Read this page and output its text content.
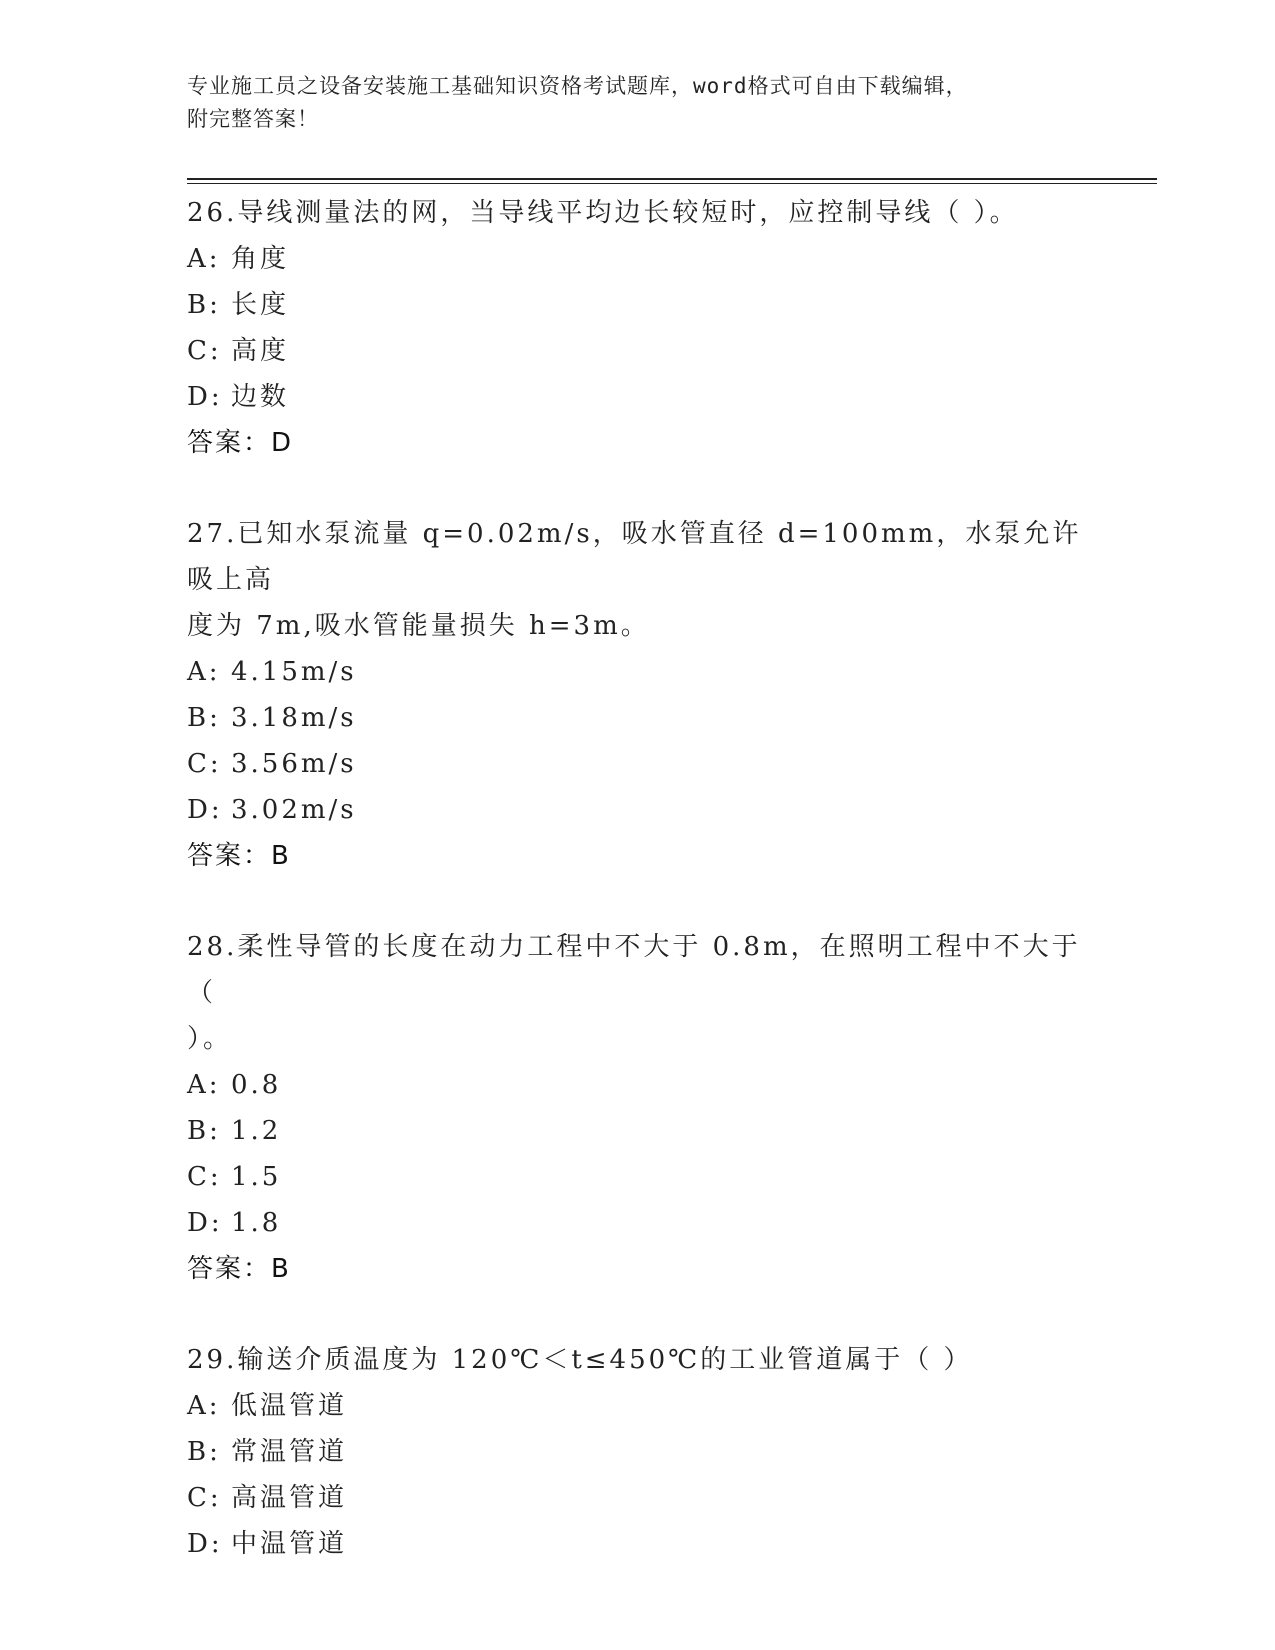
专业施工员之设备安装施工基础知识资格考试题库，word格式可自由下载编辑，
附完整答案！
26.导线测量法的网，当导线平均边长较短时，应控制导线（ ）。
A: 角度
B: 长度
C: 高度
D: 边数
答案：D
27.已知水泵流量 q=0.02m/s，吸水管直径 d=100mm，水泵允许吸上高
度为 7m,吸水管能量损失 h=3m。
A: 4.15m/s
B: 3.18m/s
C: 3.56m/s
D: 3.02m/s
答案：B
28.柔性导管的长度在动力工程中不大于 0.8m，在照明工程中不大于（
）。
A: 0.8
B: 1.2
C: 1.5
D: 1.8
答案：B
29.输送介质温度为 120℃＜t≤450℃的工业管道属于（ ）
A: 低温管道
B: 常温管道
C: 高温管道
D: 中温管道
